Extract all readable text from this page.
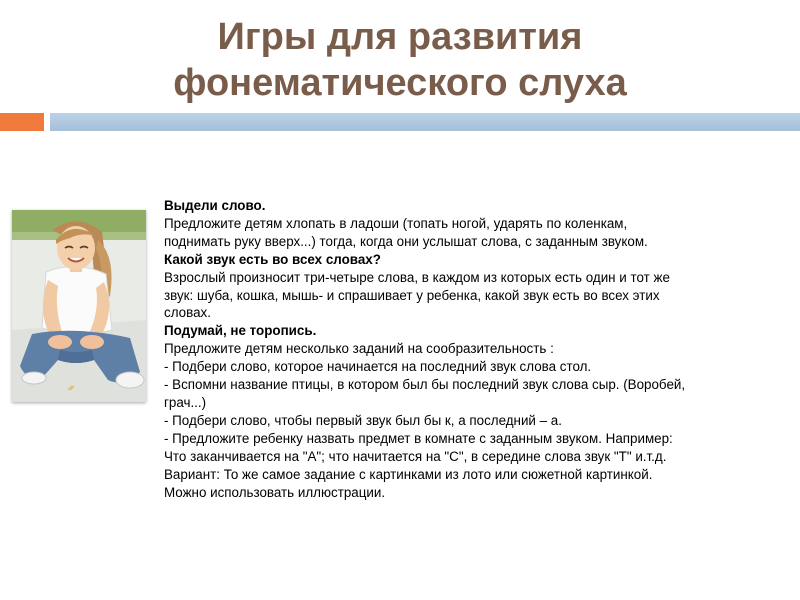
Игры для развития
фонематического слуха
Выдели слово.
Предложите детям хлопать в ладоши (топать ногой, ударять по коленкам,
поднимать руку вверх...) тогда, когда они услышат слова, с заданным звуком.
Какой звук есть во всех словах?
Взрослый произносит три-четыре слова, в каждом из которых есть один и тот же
звук: шуба, кошка, мышь- и спрашивает у ребенка, какой звук есть во всех этих
словах.
Подумай, не торопись.
Предложите детям несколько заданий на сообразительность :
- Подбери слово, которое начинается на последний звук слова стол.
- Вспомни название птицы, в котором был бы последний звук слова сыр. (Воробей,
грач...)
- Подбери слово, чтобы первый звук был бы к, а последний – а.
- Предложите ребенку назвать предмет в комнате с заданным звуком. Например:
Что заканчивается на "А"; что начитается на "С", в середине слова звук "Т" и.т.д.
Вариант: То же самое задание с картинками из лото или сюжетной картинкой.
Можно использовать иллюстрации.
